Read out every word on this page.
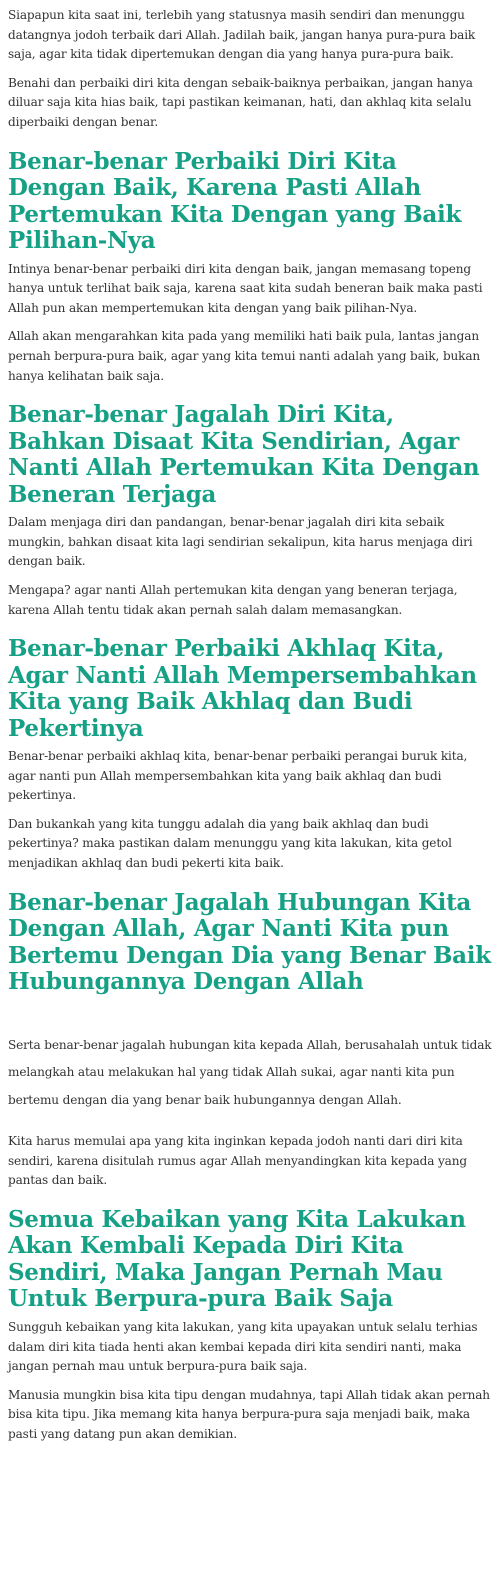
Siapapun kita saat ini, terlebih yang statusnya masih sendiri dan menunggu datangnya jodoh terbaik dari Allah. Jadilah baik, jangan hanya pura-pura baik saja, agar kita tidak dipertemukan dengan dia yang hanya pura-pura baik.

Benahi dan perbaiki diri kita dengan sebaik-baiknya perbaikan, jangan hanya diluar saja kita hias baik, tapi pastikan keimanan, hati, dan akhlaq kita selalu diperbaiki dengan benar.

Benar-benar Perbaiki Diri Kita Dengan Baik, Karena Pasti Allah Pertemukan Kita Dengan yang Baik Pilihan-Nya

Intinya benar-benar perbaiki diri kita dengan baik, jangan memasang topeng hanya untuk terlihat baik saja, karena saat kita sudah beneran baik maka pasti Allah pun akan mempertemukan kita dengan yang baik pilihan-Nya.

Allah akan mengarahkan kita pada yang memiliki hati baik pula, lantas jangan pernah berpura-pura baik, agar yang kita temui nanti adalah yang baik, bukan hanya kelihatan baik saja.

Benar-benar Jagalah Diri Kita, Bahkan Disaat Kita Sendirian, Agar Nanti Allah Pertemukan Kita Dengan Beneran Terjaga

Dalam menjaga diri dan pandangan, benar-benar jagalah diri kita sebaik mungkin, bahkan disaat kita lagi sendirian sekalipun, kita harus menjaga diri dengan baik.

Mengapa? agar nanti Allah pertemukan kita dengan yang beneran terjaga, karena Allah tentu tidak akan pernah salah dalam memasangkan.

Benar-benar Perbaiki Akhlaq Kita, Agar Nanti Allah Mempersembahkan Kita yang Baik Akhlaq dan Budi Pekertinya

Benar-benar perbaiki akhlaq kita, benar-benar perbaiki perangai buruk kita, agar nanti pun Allah mempersembahkan kita yang baik akhlaq dan budi pekertinya.

Dan bukankah yang kita tunggu adalah dia yang baik akhlaq dan budi pekertinya? maka pastikan dalam menunggu yang kita lakukan, kita getol menjadikan akhlaq dan budi pekerti kita baik.

Benar-benar Jagalah Hubungan Kita Dengan Allah, Agar Nanti Kita pun Bertemu Dengan Dia yang Benar Baik Hubungannya Dengan Allah

Serta benar-benar jagalah hubungan kita kepada Allah, berusahalah untuk tidak melangkah atau melakukan hal yang tidak Allah sukai, agar nanti kita pun bertemu dengan dia yang benar baik hubungannya dengan Allah.

Kita harus memulai apa yang kita inginkan kepada jodoh nanti dari diri kita sendiri, karena disitulah rumus agar Allah menyandingkan kita kepada yang pantas dan baik.

Semua Kebaikan yang Kita Lakukan Akan Kembali Kepada Diri Kita Sendiri, Maka Jangan Pernah Mau Untuk Berpura-pura Baik Saja

Sungguh kebaikan yang kita lakukan, yang kita upayakan untuk selalu terhias dalam diri kita tiada henti akan kembai kepada diri kita sendiri nanti, maka jangan pernah mau untuk berpura-pura baik saja.

Manusia mungkin bisa kita tipu dengan mudahnya, tapi Allah tidak akan pernah bisa kita tipu. Jika memang kita hanya berpura-pura saja menjadi baik, maka pasti yang datang pun akan demikian.
